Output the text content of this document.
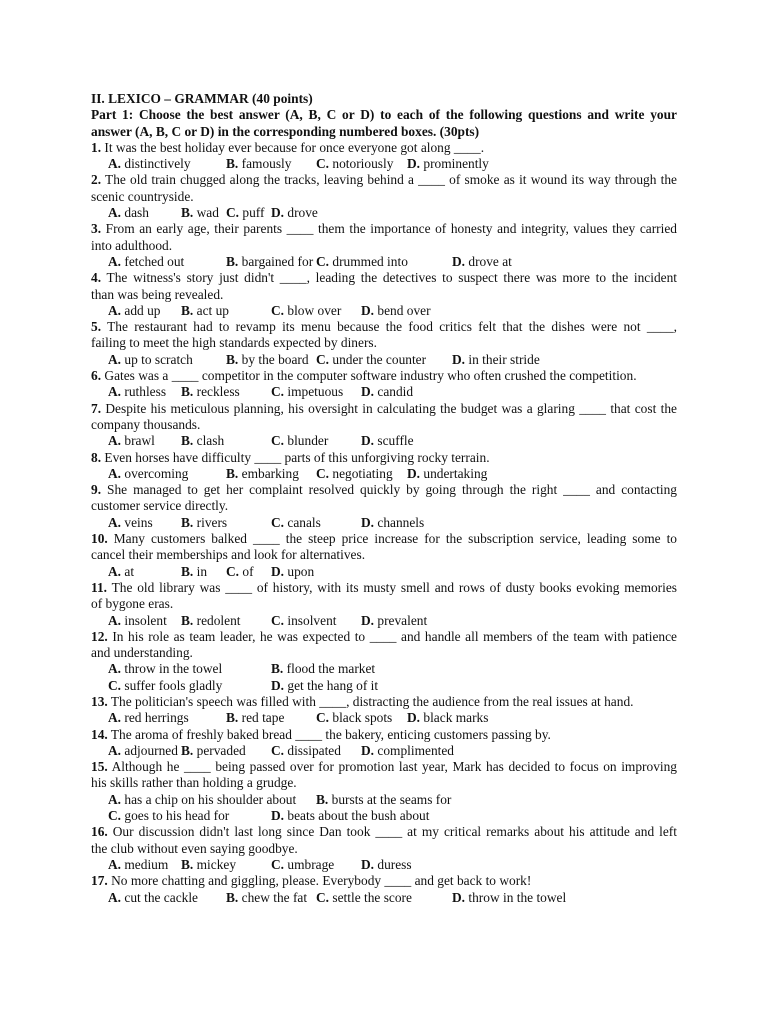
II. LEXICO – GRAMMAR (40 points)
Part 1: Choose the best answer (A, B, C or D) to each of the following questions and write your
answer (A, B, C or D) in the corresponding numbered boxes. (30pts)
1. It was the best holiday ever because for once everyone got along ____.
A. distinctively	B. famously C. notoriously D. prominently
2. The old train chugged along the tracks, leaving behind a ____ of smoke as it wound its way through the
scenic countryside.
A. dash B. wad C. puff D. drove
3. From an early age, their parents ____ them the importance of honesty and integrity, values they carried
into adulthood.
A. fetched out	B. bargained for C. drummed into	D. drove at
4. The witness's story just didn't ____, leading the detectives to suspect there was more to the incident
than was being revealed.
A. add up B. act up	C. blow over D. bend over
5. The restaurant had to revamp its menu because the food critics felt that the dishes were not ____,
failing to meet the high standards expected by diners.
A. up to scratch B. by the board C. under the counter D. in their stride
6. Gates was a ____ competitor in the computer software industry who often crushed the competition.
A. ruthless B. reckless C. impetuous D. candid
7. Despite his meticulous planning, his oversight in calculating the budget was a glaring ____ that cost the
company thousands.
A. brawl B. clash	C. blunder D. scuffle
8. Even horses have difficulty ____ parts of this unforgiving rocky terrain.
A. overcoming	B. embarking C. negotiating D. undertaking
9. She managed to get her complaint resolved quickly by going through the right ____ and contacting
customer service directly.
A. veins B. rivers	C. canals	D. channels
10. Many customers balked ____ the steep price increase for the subscription service, leading some to
cancel their memberships and look for alternatives.
A. at	B. in C. of D. upon
11. The old library was ____ of history, with its musty smell and rows of dusty books evoking memories
of bygone eras.
A. insolent B. redolent C. insolvent D. prevalent
12. In his role as team leader, he was expected to ____ and handle all members of the team with patience
and understanding.
A. throw in the towel	B. flood the market
C. suffer fools gladly	D. get the hang of it
13. The politician's speech was filled with ____, distracting the audience from the real issues at hand.
A. red herrings	B. red tape C. black spots D. black marks
14. The aroma of freshly baked bread ____ the bakery, enticing customers passing by.
A. adjourned B. pervaded C. dissipated D. complimented
15. Although he ____ being passed over for promotion last year, Mark has decided to focus on improving
his skills rather than holding a grudge.
A. has a chip on his shoulder about B. bursts at the seams for
C. goes to his head for	D. beats about the bush about
16. Our discussion didn't last long since Dan took ____ at my critical remarks about his attitude and left
the club without even saying goodbye.
A. medium B. mickey	C. umbrage D. duress
17. No more chatting and giggling, please. Everybody ____ and get back to work!
A. cut the cackle B. chew the fat C. settle the score	D. throw in the towel
